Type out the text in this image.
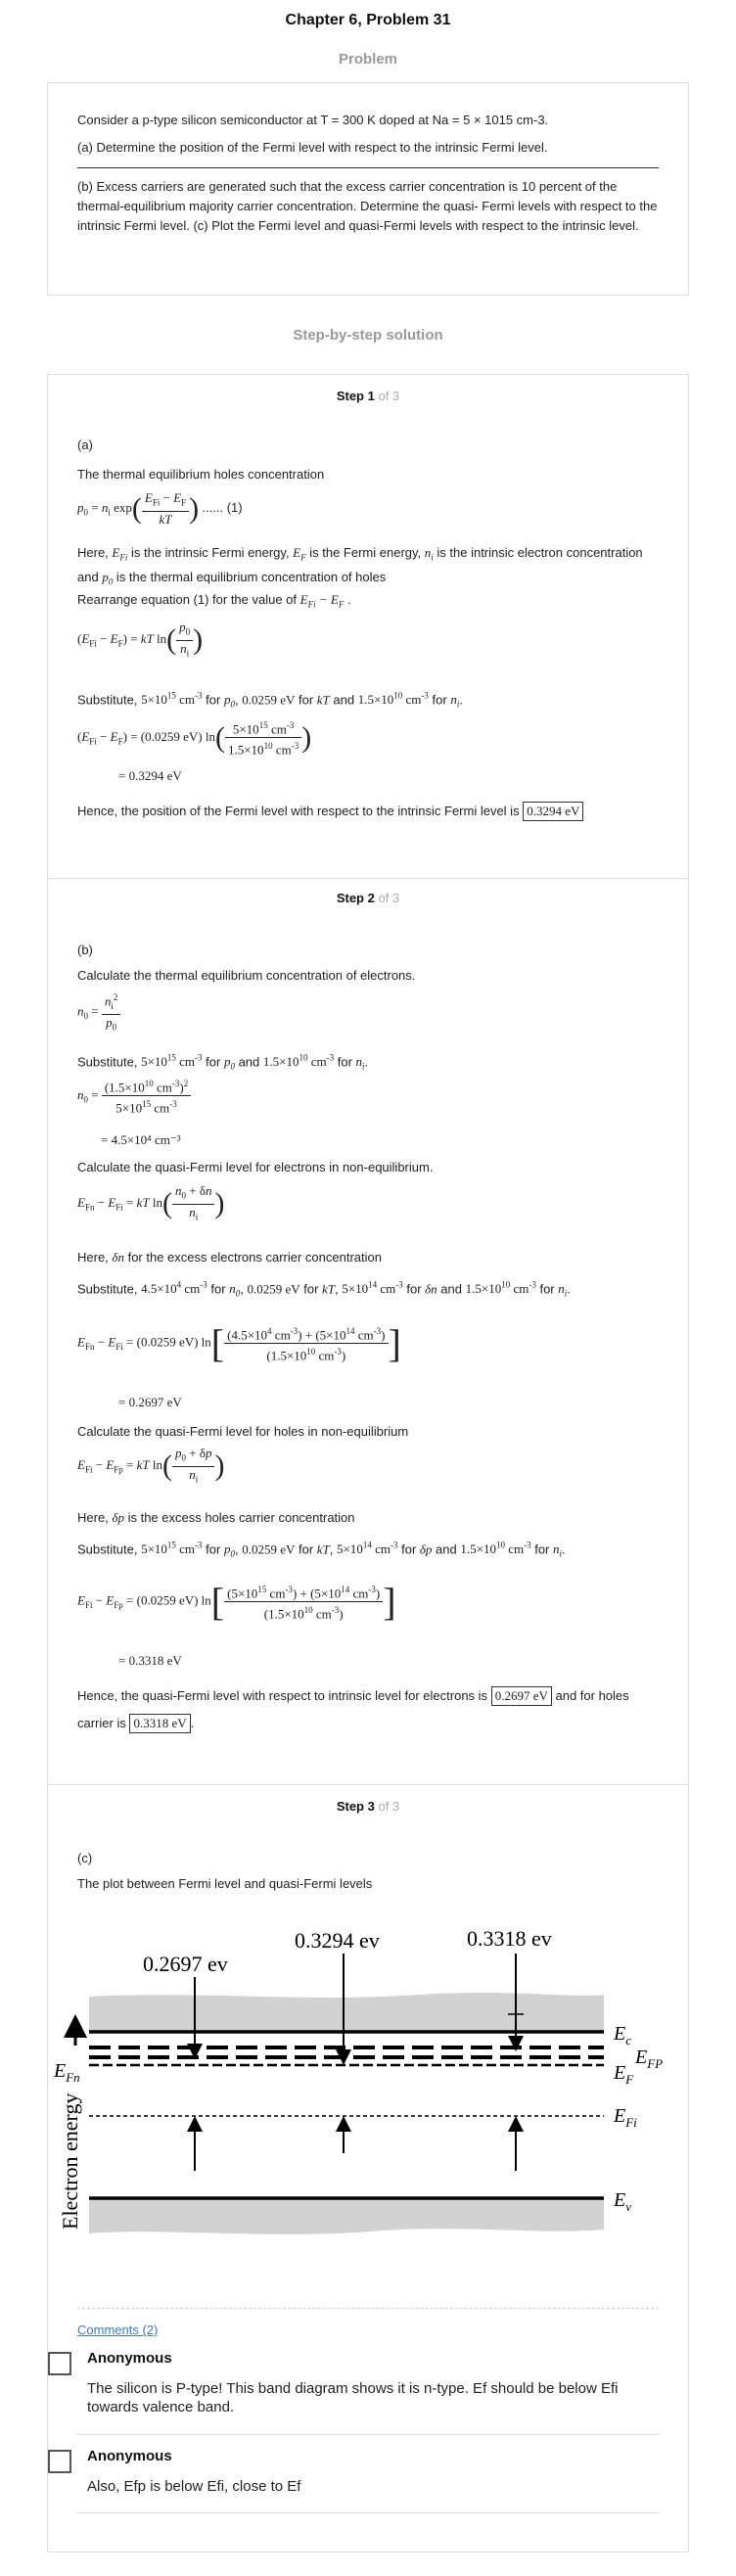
Chapter 6, Problem 31
Problem
Consider a p-type silicon semiconductor at T = 300 K doped at Na = 5 × 1015 cm-3.
(a) Determine the position of the Fermi level with respect to the intrinsic Fermi level.
(b) Excess carriers are generated such that the excess carrier concentration is 10 percent of the thermal-equilibrium majority carrier concentration. Determine the quasi- Fermi levels with respect to the intrinsic Fermi level. (c) Plot the Fermi level and quasi-Fermi levels with respect to the intrinsic level.
Step-by-step solution
Step 1 of 3
(a)
The thermal equilibrium holes concentration
$p_0 = n_i$ $\exp( \frac{E_{Fi} - E_F}{kT}$ ) ...... (1)
Here, $E_{Fi}$ is the intrinsic Fermi energy, $E_F$ is the Fermi energy, $n_i$ is the intrinsic electron concentration and $p_0$ is the thermal equilibrium concentration of holes
Rearrange equation (1) for the value of $E_{Fi} - E_F$ .
$(E_{Fi} - E_F)$ = kT $\ln( \frac{p_0}{n_i}$ )
Substitute, $5\times 10^{15}$ $cm^{-3}$ for $p_0$, 0.0259 eV for kT and $1.5\times 10^{10}$ $cm^{-3}$ for $n_i$.
$(E_{Fi} - E_F) = (0.0259$ eV) $\ln( \frac{5\times 10^{15} cm^{-3}}{1.5\times 10^{10} cm^{-3}}$ )
= 0.3294 eV
Hence, the position of the Fermi level with respect to the intrinsic Fermi level is 0.3294 eV
Step 2 of 3
(b)
Calculate the thermal equilibrium concentration of electrons.
$n_0 = \frac{n_i^2}{p_0}$
Substitute, $5\times 10^{15}$ $cm^{-3}$ for $p_0$ and $1.5\times 10^{10}$ $cm^{-3}$ for $n_i$.
$n_0 = \frac{(1.5\times 10^{10} cm^{-3})^2}{5\times 10^{15} cm^{-3}}$
= 4.5×10⁴ cm⁻³
Calculate the quasi-Fermi level for electrons in non-equilibrium.
$E_{Fn} - E_{Fi}$ = kT $\ln( \frac{n_0 + \delta n}{n_i}$ )
Here, δn for the excess electrons carrier concentration
Substitute, $4.5\times 10^4$ $cm^{-3}$ for $n_0$, 0.0259 eV for kT, $5\times 10^{14}$ $cm^{-3}$ for δn and $1.5\times 10^{10}$ $cm^{-3}$ for $n_i$.
$E_{Fn} - E_{Fi} = (0.0259$ eV) $\ln[ \frac{(4.5\times 10^4 cm^{-3}) + (5\times 10^{14} cm^{-3})}{(1.5\times 10^{10} cm^{-3})}$ ]
= 0.2697 eV
Calculate the quasi-Fermi level for holes in non-equilibrium
$E_{Fi} - E_{Fp}$ = kT $\ln( \frac{p_0 + \delta p}{n_i}$ )
Here, δp is the excess holes carrier concentration
Substitute, $5\times 10^{15}$ $cm^{-3}$ for $p_0$, 0.0259 eV for kT, $5\times 10^{14}$ $cm^{-3}$ for δp and $1.5\times 10^{10}$ $cm^{-3}$ for $n_i$.
$E_{Fi} - E_{Fp} = (0.0259$ eV) $\ln[ \frac{(5\times 10^{15} cm^{-3}) + (5\times 10^{14} cm^{-3})}{(1.5\times 10^{10} cm^{-3})}$ ]
= 0.3318 eV
Hence, the quasi-Fermi level with respect to intrinsic level for electrons is 0.2697 eV and for holes carrier is 0.3318 eV .
Step 3 of 3
(c)
The plot between Fermi level and quasi-Fermi levels
0.2697 ev
0.3294 ev	0.3318 ev
$E_c$
$E_{FP}$
$E_F$
$E_{Fi}$
$E_v$
$E_{Fn}$
Electron energy
Comments (2)
Anonymous
The silicon is P-type! This band diagram shows it is n-type. Ef should be below Efi towards valence band.
Anonymous
Also, Efp is below Efi, close to Ef
